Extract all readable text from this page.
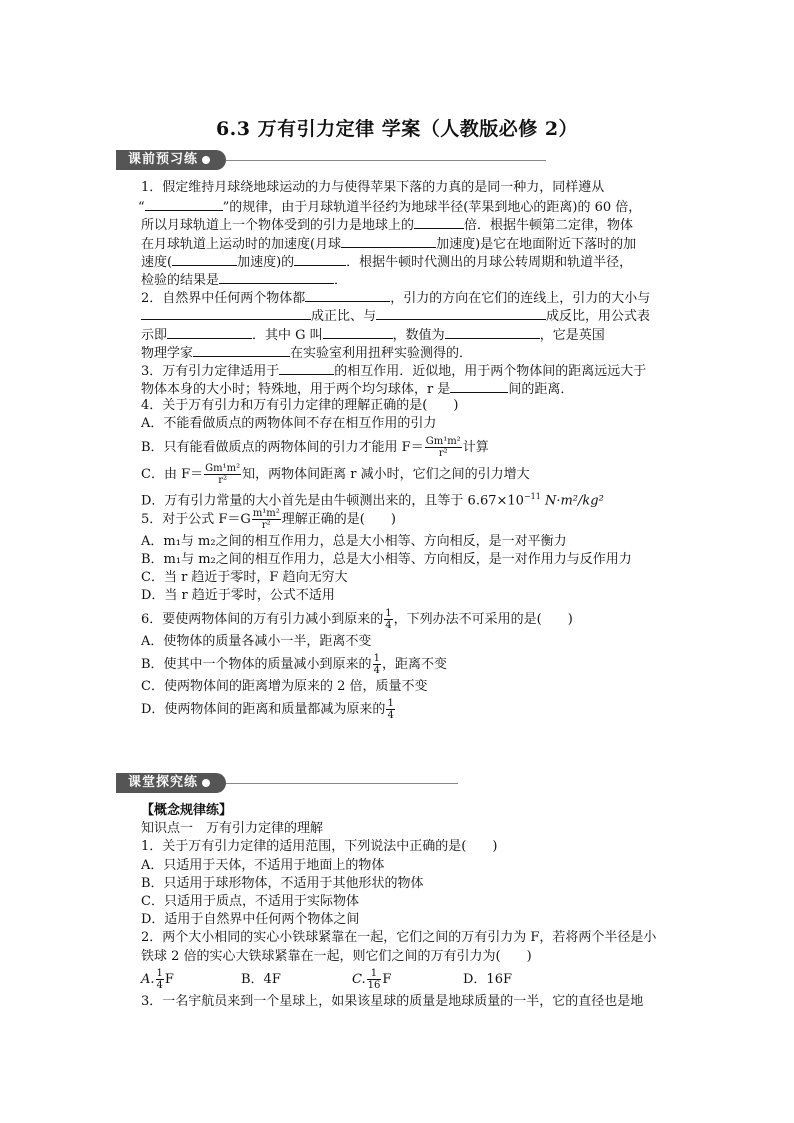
6.3 万有引力定律 学案（人教版必修 2）
课前预习练
1．假定维持月球绕地球运动的力与使得苹果下落的力真的是同一种力，同样遵从
“	”的规律，由于月球轨道半径约为地球半径(苹果到地心的距离)的 60 倍，
所以月球轨道上一个物体受到的引力是地球上的	倍．根据牛顿第二定律，物体
在月球轨道上运动时的加速度(月球	加速度)是它在地面附近下落时的加
速度(	加速度)的	．根据牛顿时代测出的月球公转周期和轨道半径，
检验的结果是	．
2．自然界中任何两个物体都	，引力的方向在它们的连线上，引力的大小与
成正比、与	成反比，用公式表
示即	．其中 G 叫	，数值为	，它是英国
物理学家	在实验室利用扭秤实验测得的．
3．万有引力定律适用于	的相互作用．近似地，用于两个物体间的距离远远大于
物体本身的大小时；特殊地，用于两个均匀球体，r 是	间的距离．
4．关于万有引力和万有引力定律的理解正确的是(　　)
A．不能看做质点的两物体间不存在相互作用的引力
B．只有能看做质点的两物体间的引力才能用 $F= \frac{\text{Gm¹m²}}{\text{r²}}$ 计算
C．由 $F= \frac{\text{Gm¹m²}}{\text{r²}}$ 知，两物体间距离 r 减小时，它们之间的引力增大
D．万有引力常量的大小首先是由牛顿测出来的，且等于 $6.67\times 10^{-11}$ N·m²/kg²
5．对于公式 $F=G \frac{\text{m¹m²}}{\text{r²}}$ 理解正确的是(　　)
A．m₁与 m₂之间的相互作用力，总是大小相等、方向相反，是一对平衡力
B．m₁与 m₂之间的相互作用力，总是大小相等、方向相反，是一对作用力与反作用力
C．当 r 趋近于零时，F 趋向无穷大
D．当 r 趋近于零时，公式不适用
6．要使两物体间的万有引力减小到原来的 $\frac{1}{4}$ ，下列办法不可采用的是(　　)
A．使物体的质量各减小一半，距离不变
B．使其中一个物体的质量减小到原来的 $\frac{1}{4}$ ，距离不变
C．使两物体间的距离增为原来的 2 倍，质量不变
D．使两物体间的距离和质量都减为原来的 $\frac{1}{4}$
课堂探究练
【概念规律练】
知识点一　万有引力定律的理解
1．关于万有引力定律的适用范围，下列说法中正确的是(　　)
A．只适用于天体，不适用于地面上的物体
B．只适用于球形物体，不适用于其他形状的物体
C．只适用于质点，不适用于实际物体
D．适用于自然界中任何两个物体之间
2．两个大小相同的实心小铁球紧靠在一起，它们之间的万有引力为 F，若将两个半径是小
铁球 2 倍的实心大铁球紧靠在一起，则它们之间的万有引力为(　　)
A. $\frac{1}{4}$ F	B．4F	C. $\frac{1}{16}$ F	D．16F
3．一名宇航员来到一个星球上，如果该星球的质量是地球质量的一半，它的直径也是地
